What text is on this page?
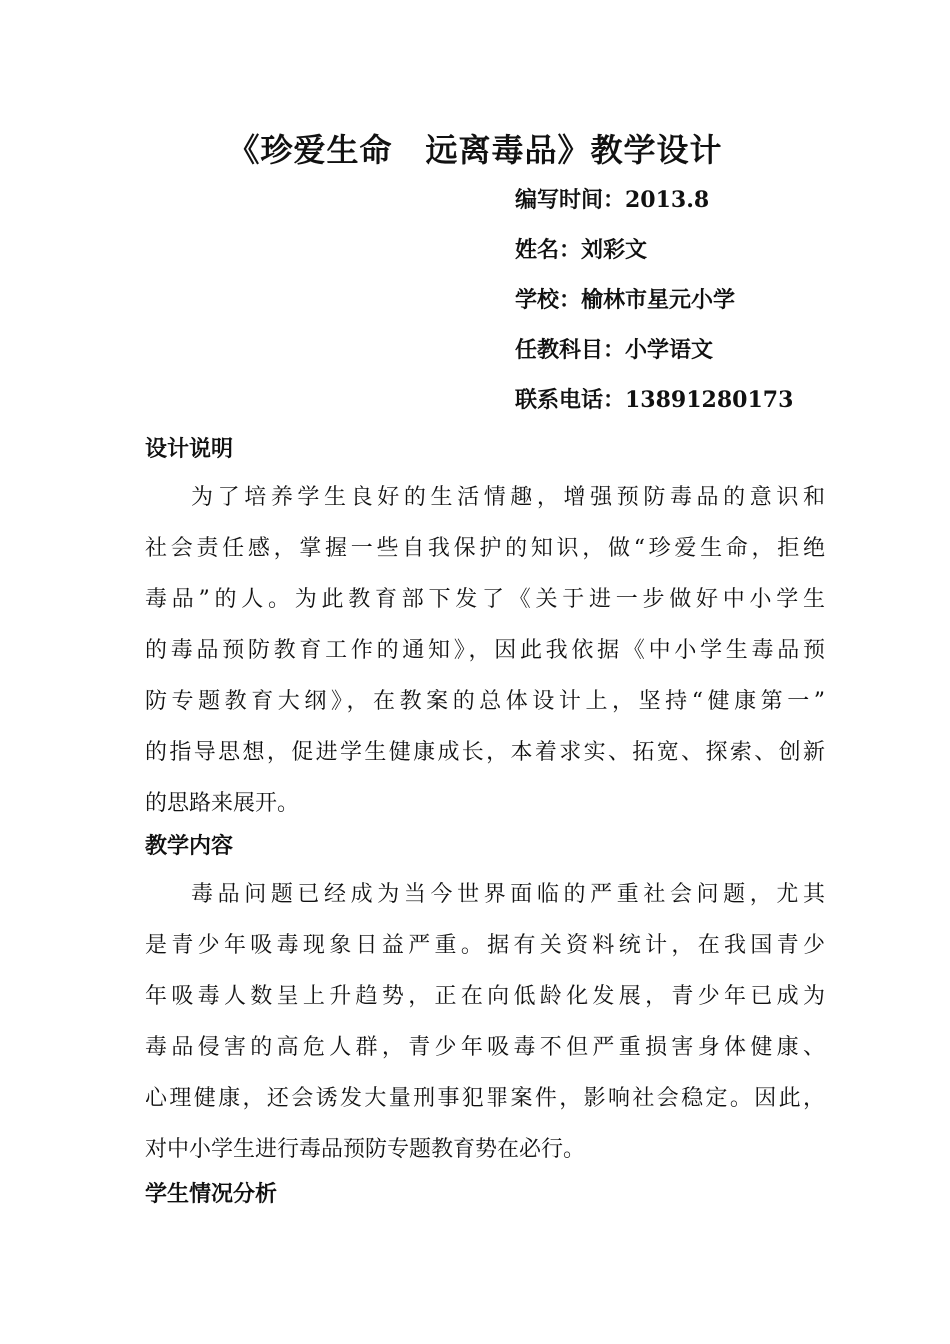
《珍爱生命　远离毒品》教学设计
编写时间：2013.8
姓名：刘彩文
学校：榆林市星元小学
任教科目：小学语文
联系电话：13891280173
设计说明
为了培养学生良好的生活情趣，增强预防毒品的意识和
社会责任感，掌握一些自我保护的知识，做“珍爱生命，拒绝
毒品”的人。为此教育部下发了《关于进一步做好中小学生
的毒品预防教育工作的通知》，因此我依据《中小学生毒品预
防专题教育大纲》，在教案的总体设计上，坚持“健康第一”
的指导思想，促进学生健康成长，本着求实、拓宽、探索、创新
的思路来展开。
教学内容
毒品问题已经成为当今世界面临的严重社会问题，尤其
是青少年吸毒现象日益严重。据有关资料统计，在我国青少
年吸毒人数呈上升趋势，正在向低龄化发展，青少年已成为
毒品侵害的高危人群，青少年吸毒不但严重损害身体健康、
心理健康，还会诱发大量刑事犯罪案件，影响社会稳定。因此，
对中小学生进行毒品预防专题教育势在必行。
学生情况分析
